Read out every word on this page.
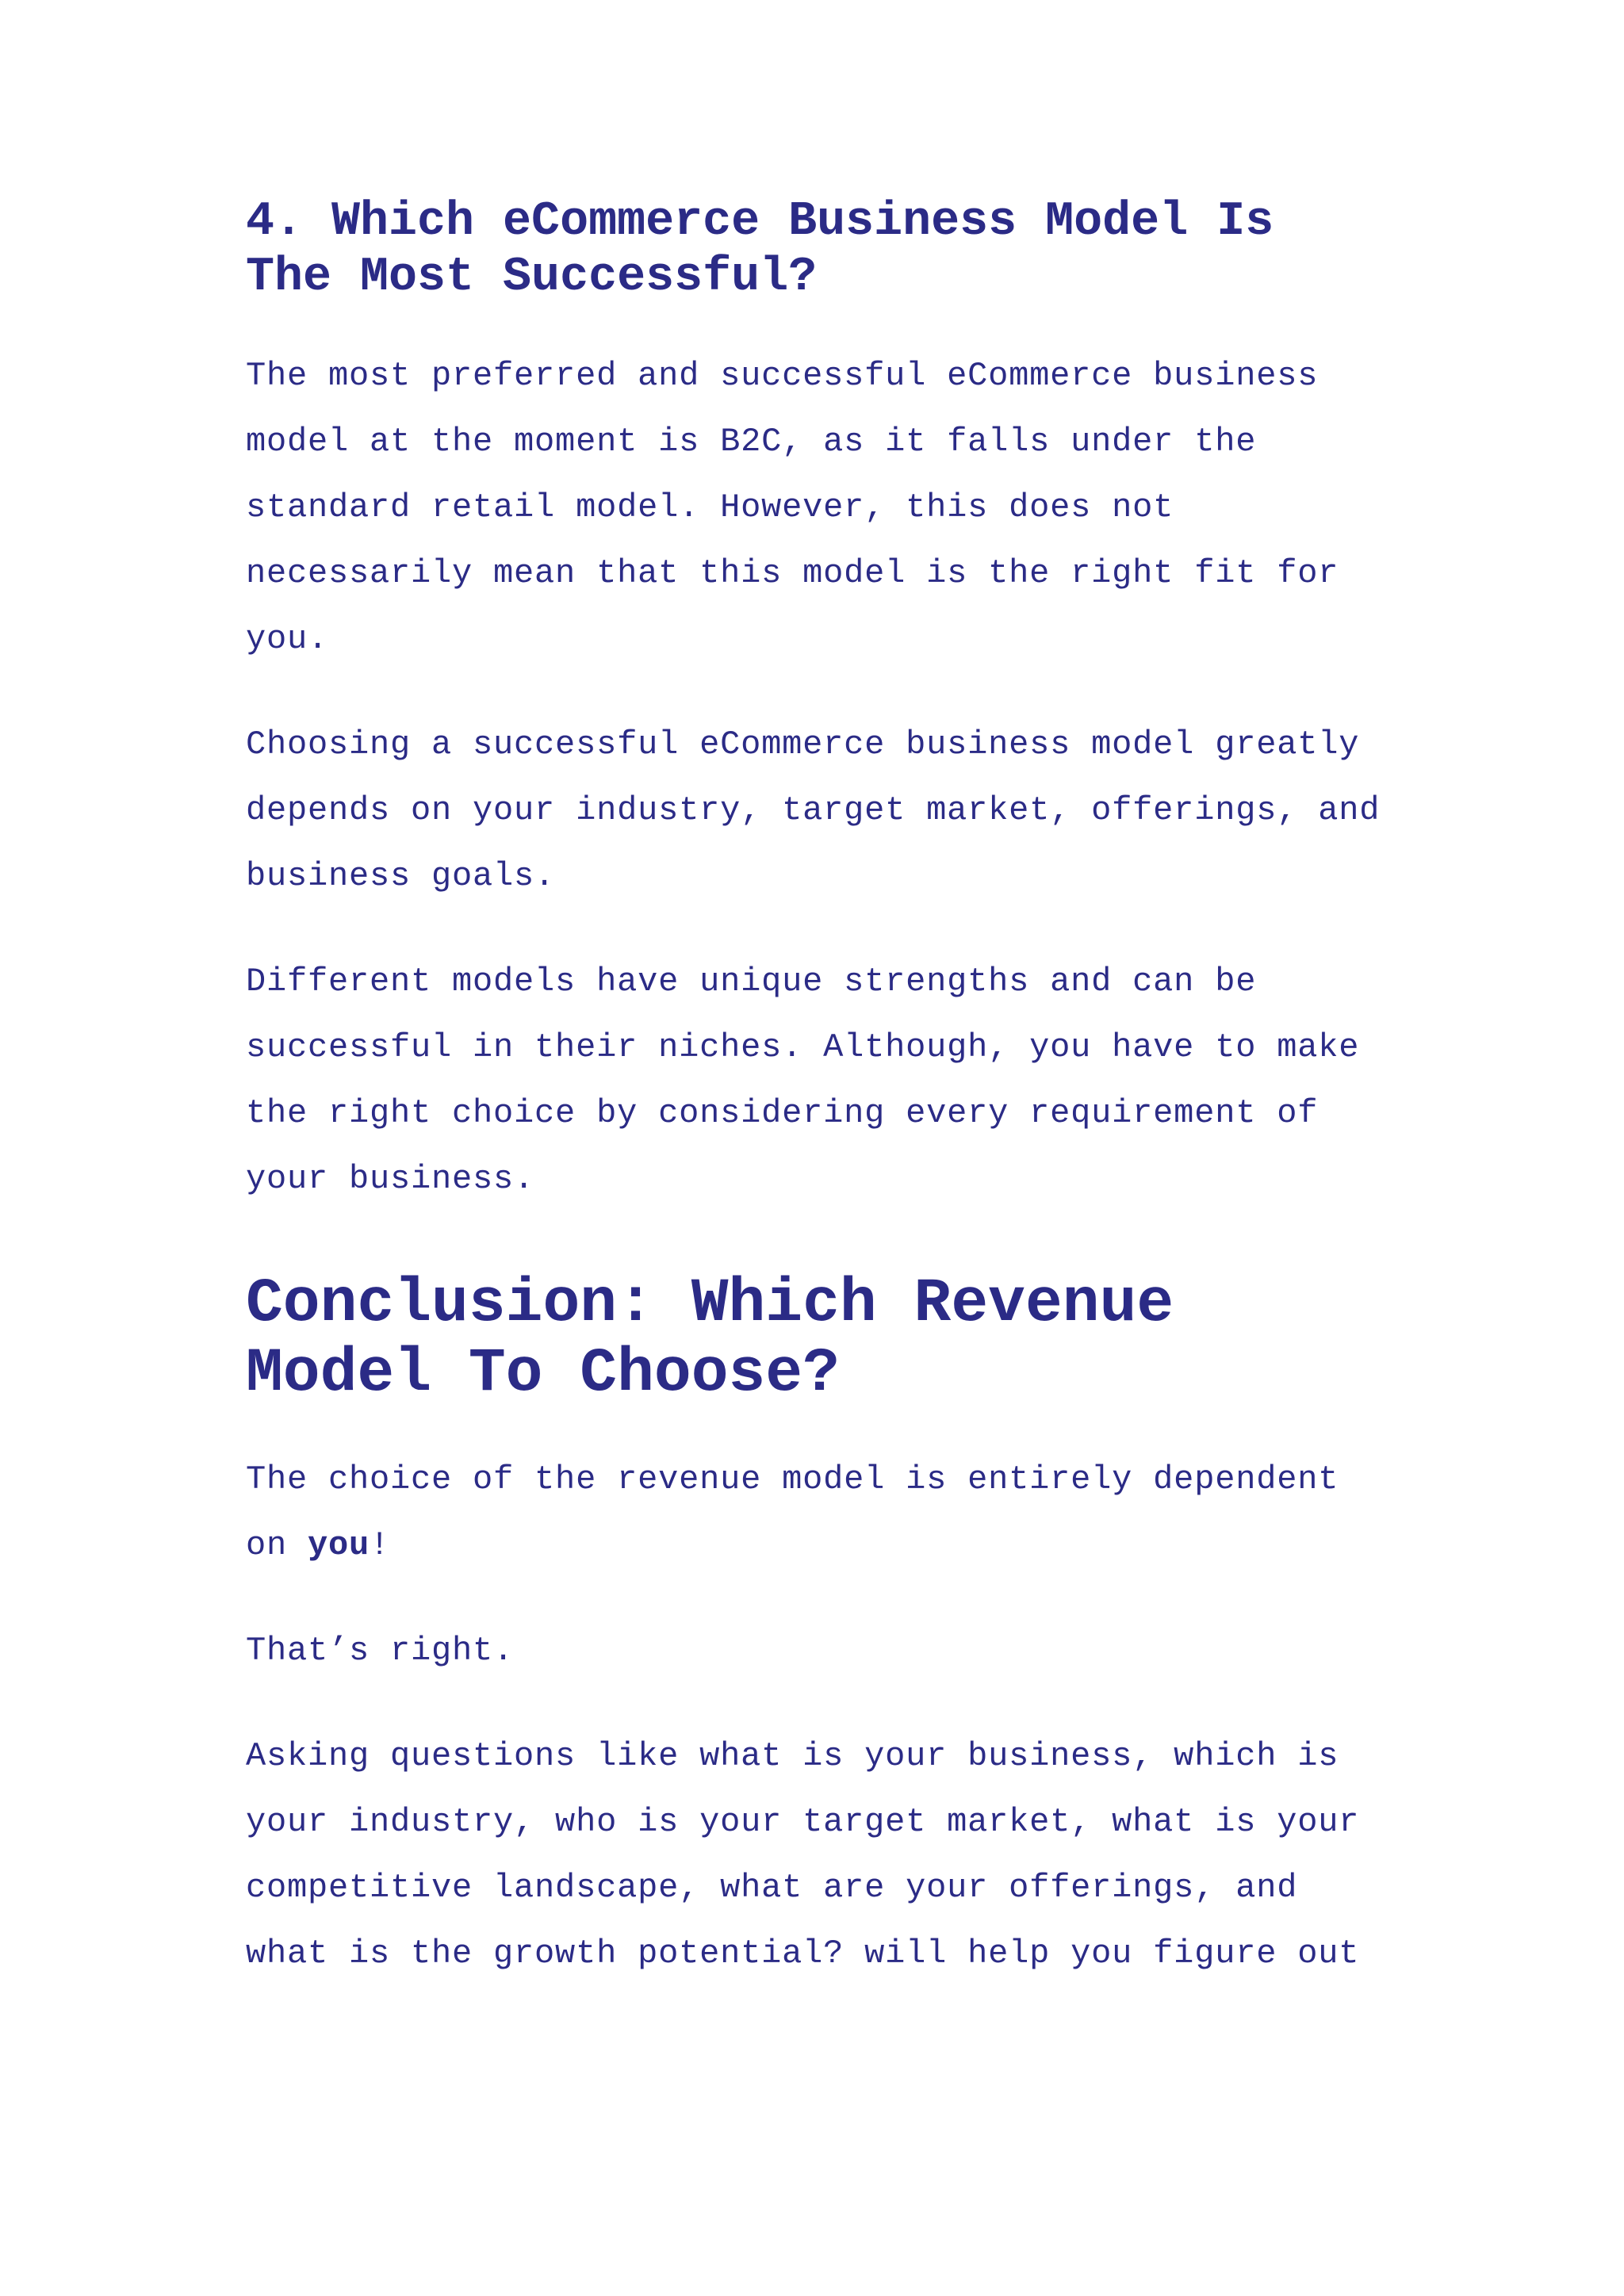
4. Which eCommerce Business Model Is
The Most Successful?

The most preferred and successful eCommerce business
model at the moment is B2C, as it falls under the
standard retail model. However, this does not
necessarily mean that this model is the right fit for
you.

Choosing a successful eCommerce business model greatly
depends on your industry, target market, offerings, and
business goals.

Different models have unique strengths and can be
successful in their niches. Although, you have to make
the right choice by considering every requirement of
your business.

Conclusion: Which Revenue
Model To Choose?

The choice of the revenue model is entirely dependent
on you!

That’s right.

Asking questions like what is your business, which is
your industry, who is your target market, what is your
competitive landscape, what are your offerings, and
what is the growth potential? will help you figure out
